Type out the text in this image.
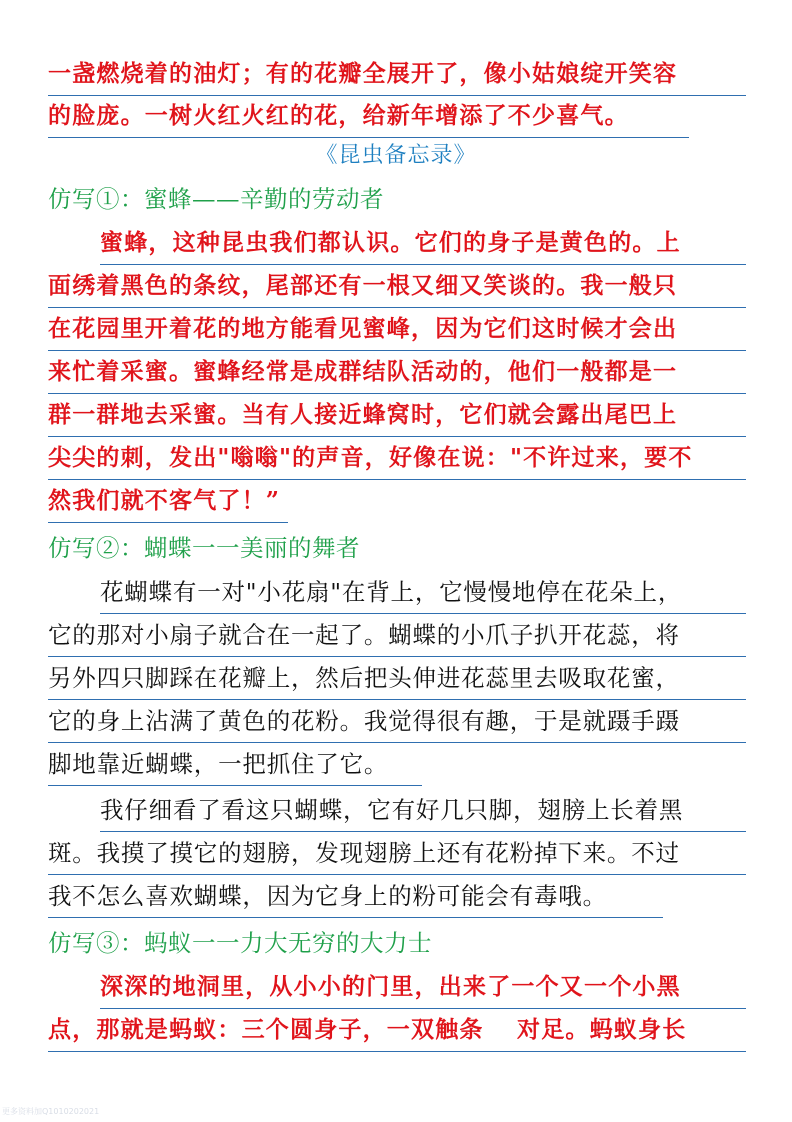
一盏燃烧着的油灯；有的花瓣全展开了，像小姑娘绽开笑容
的脸庞。一树火红火红的花，给新年增添了不少喜气。
《昆虫备忘录》
仿写①：蜜蜂——辛勤的劳动者
蜜蜂，这种昆虫我们都认识。它们的身子是黄色的。上
面绣着黑色的条纹，尾部还有一根又细又笑谈的。我一般只
在花园里开着花的地方能看见蜜峰，因为它们这时候才会出
来忙着采蜜。蜜蜂经常是成群结队活动的，他们一般都是一
群一群地去采蜜。当有人接近蜂窝时，它们就会露出尾巴上
尖尖的刺，发出"嗡嗡"的声音，好像在说："不许过来，要不
然我们就不客气了！”
仿写②：蝴蝶一一美丽的舞者
花蝴蝶有一对"小花扇"在背上，它慢慢地停在花朵上，
它的那对小扇子就合在一起了。蝴蝶的小爪子扒开花蕊，将
另外四只脚踩在花瓣上，然后把头伸进花蕊里去吸取花蜜，
它的身上沾满了黄色的花粉。我觉得很有趣，于是就蹑手蹑
脚地靠近蝴蝶，一把抓住了它。
我仔细看了看这只蝴蝶，它有好几只脚，翅膀上长着黑
斑。我摸了摸它的翅膀，发现翅膀上还有花粉掉下来。不过
我不怎么喜欢蝴蝶，因为它身上的粉可能会有毒哦。
仿写③：蚂蚁一一力大无穷的大力士
深深的地洞里，从小小的门里，出来了一个又一个小黑
点，那就是蚂蚁：三个圆身子，一双触条　 对足。蚂蚁身长
更多资料加Q1010202021
